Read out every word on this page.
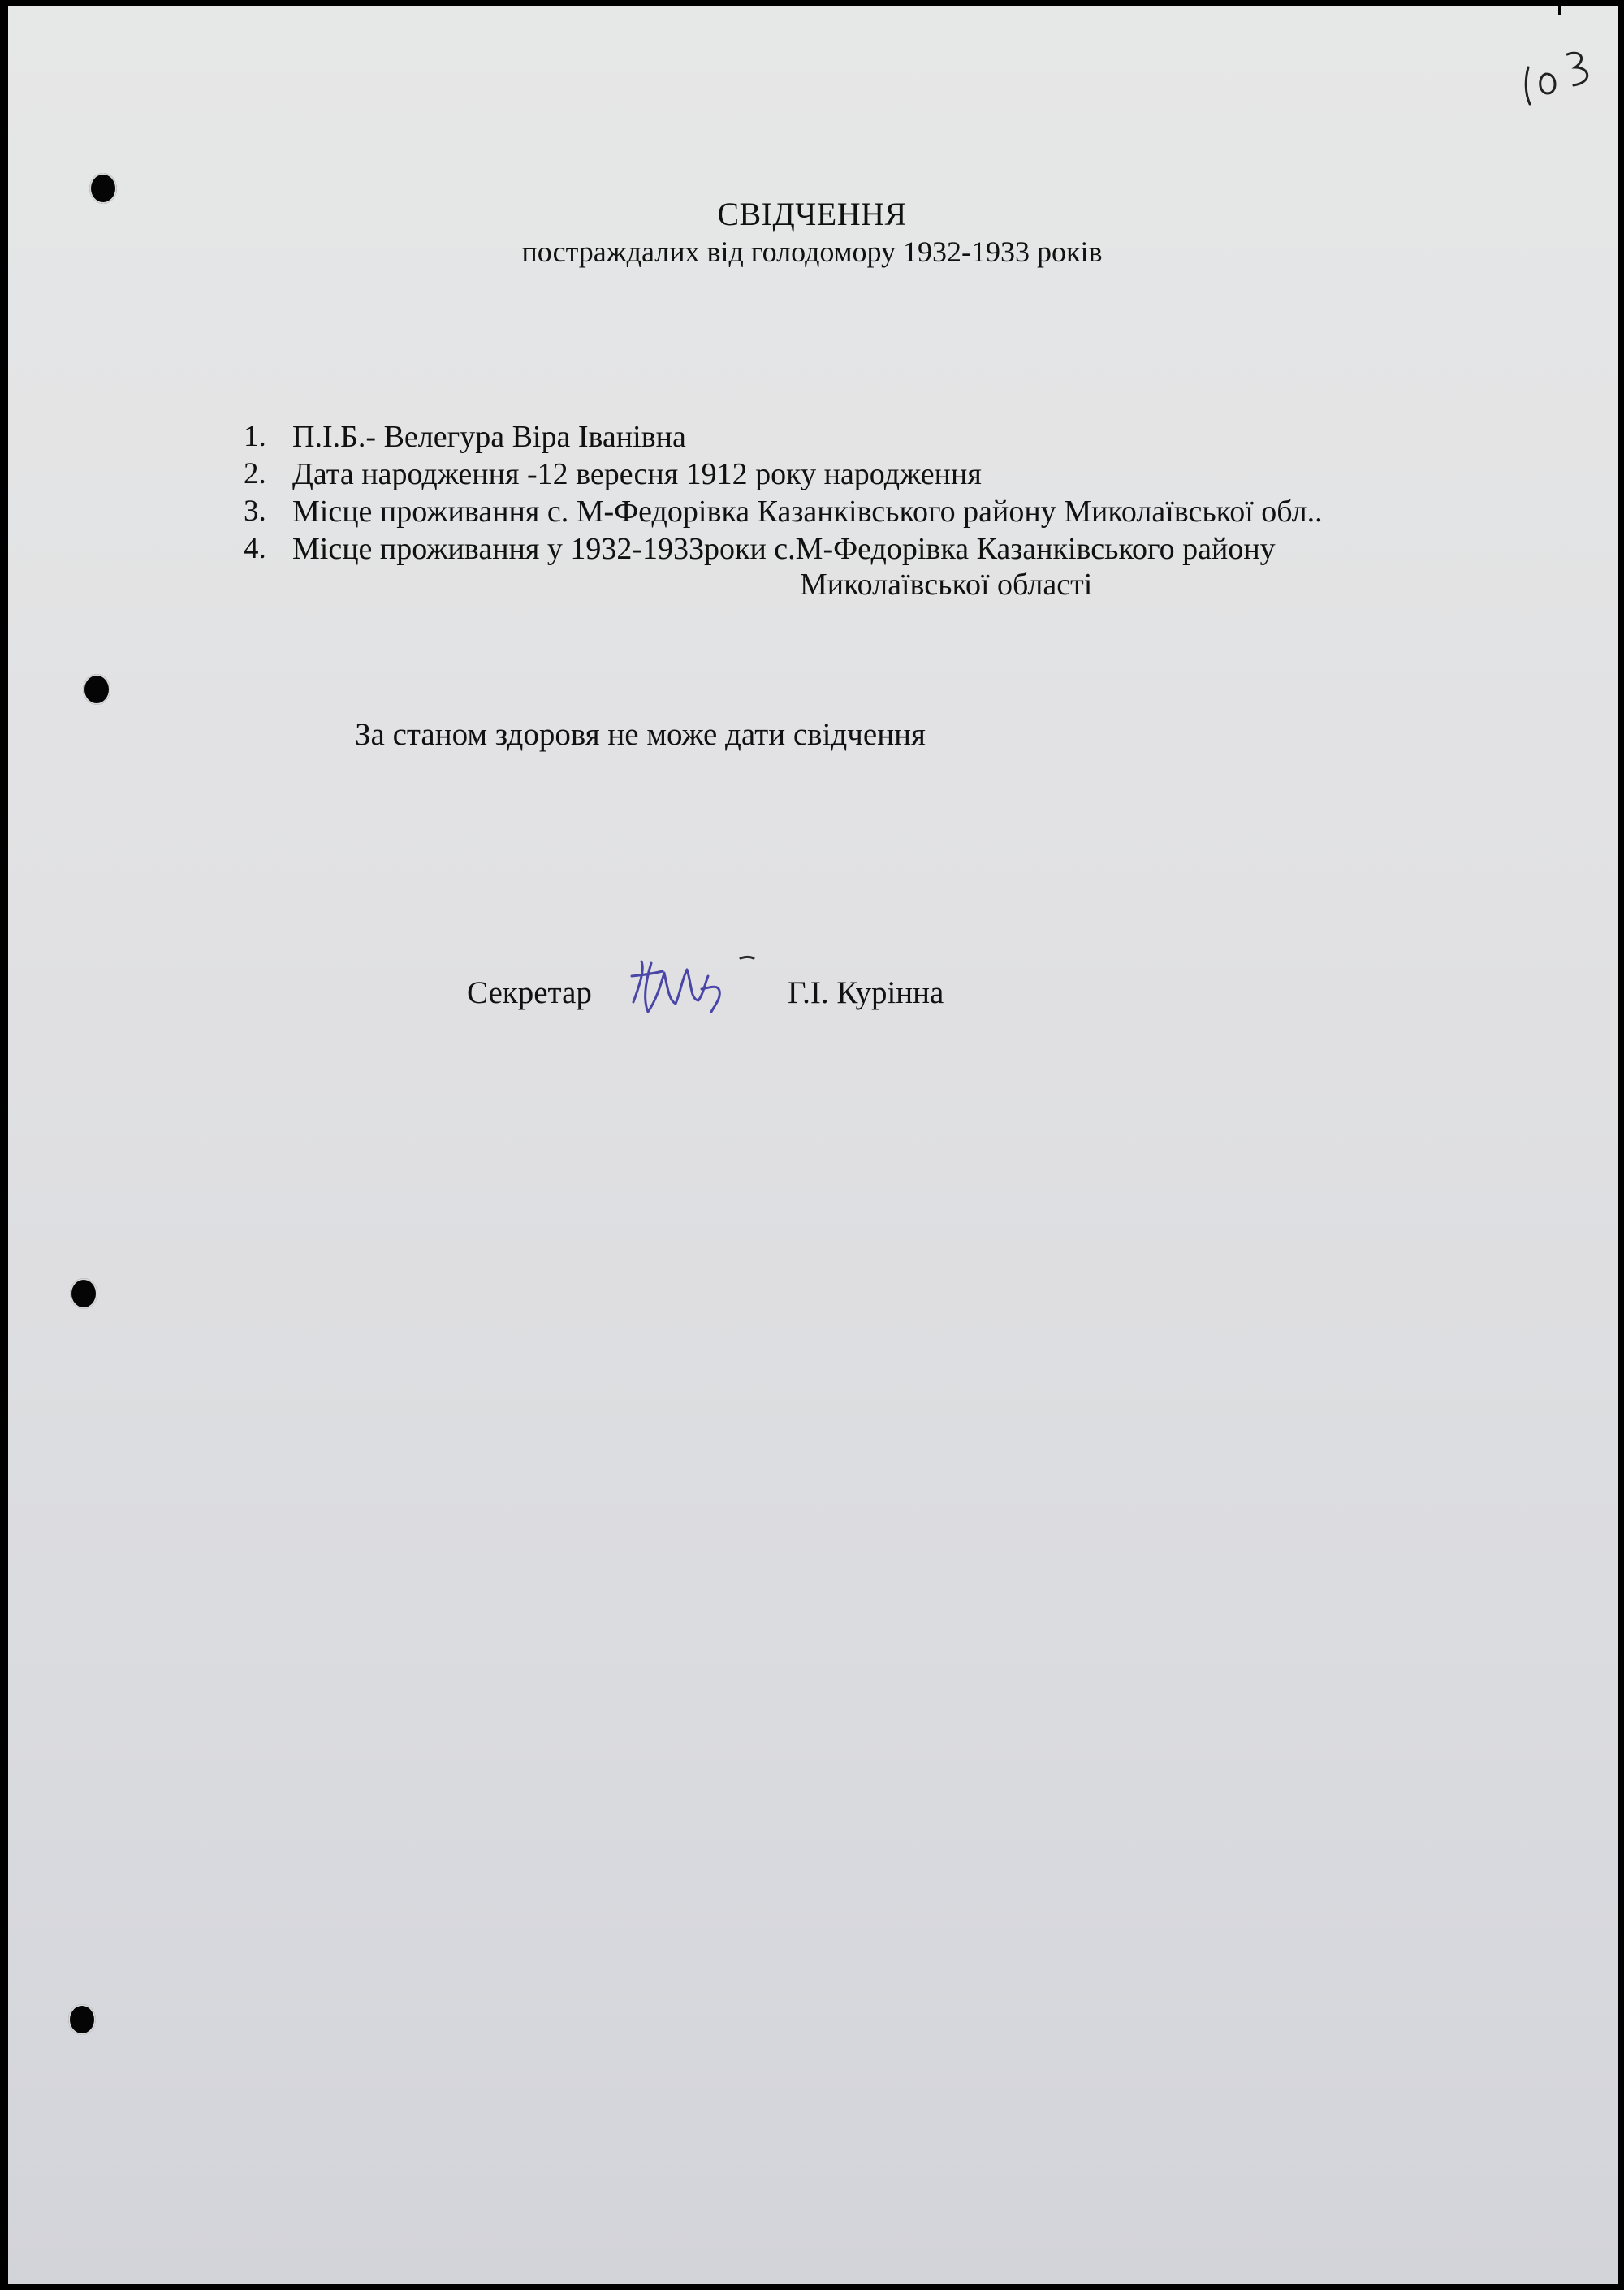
103
СВІДЧЕННЯ
постраждалих від голодомору 1932-1933 років
1. П.І.Б.- Велегура Віра Іванівна
2. Дата народження -12 вересня 1912 року народження
3. Місце проживання с. М-Федорівка Казанківського району Миколаївської обл..
4. Місце проживання у 1932-1933роки с.М-Федорівка Казанківського району
Миколаївської області
За станом здоровя не може дати свідчення
Секретар	Г.І. Курінна
